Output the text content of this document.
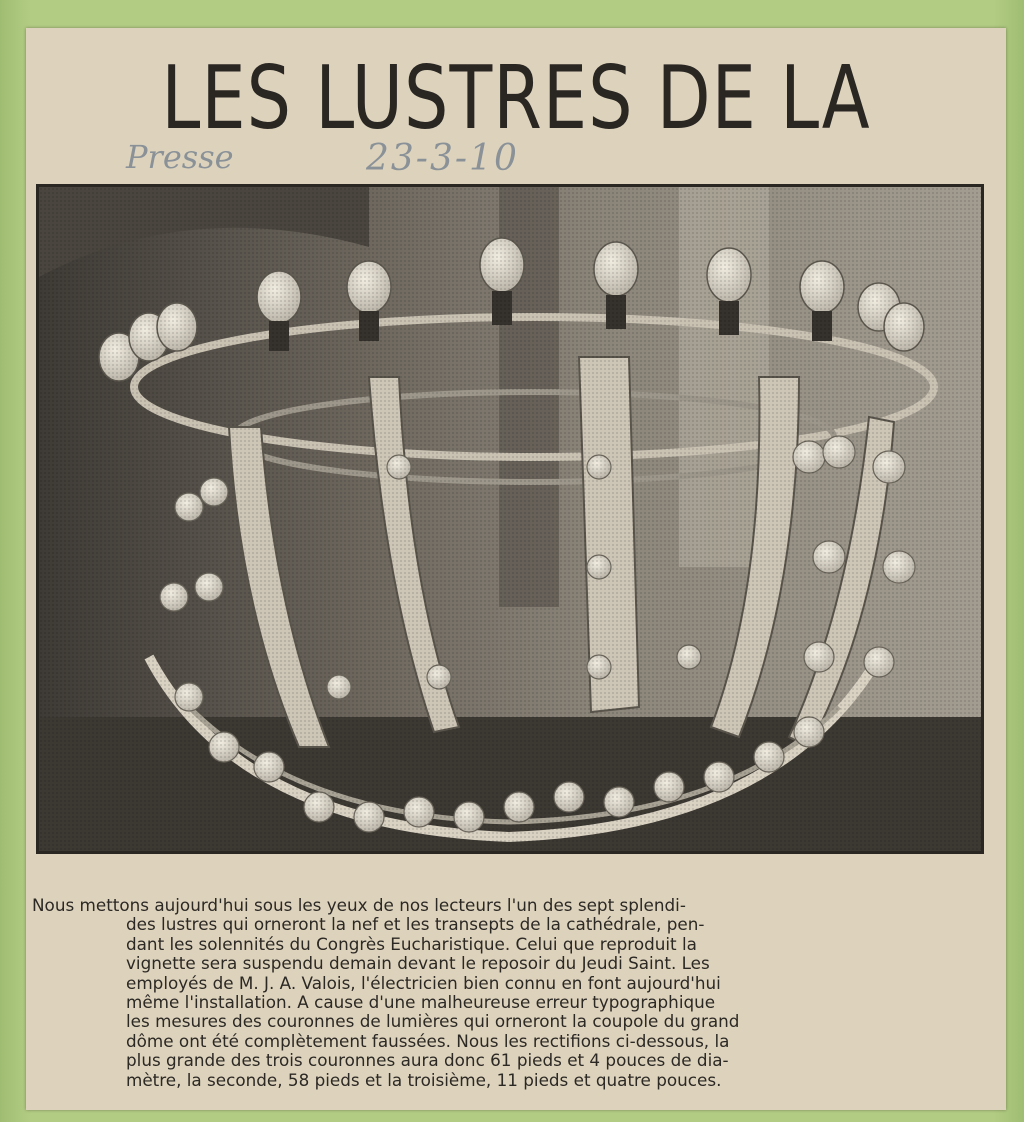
LES LUSTRES DE LA
Presse	23-3-10

Nous mettons aujourd'hui sous les yeux de nos lecteurs l'un des sept splendi-

des lustres qui orneront la nef et les transepts de la cathédrale, pen-

dant les solennités du Congrès Eucharistique. Celui que reproduit la

vignette sera suspendu demain devant le reposoir du Jeudi Saint. Les

employés de M. J. A. Valois, l'électricien bien connu en font aujourd'hui

même l'installation. A cause d'une malheureuse erreur typographique

les mesures des couronnes de lumières qui orneront la coupole du grand

dôme ont été complètement faussées. Nous les rectifions ci-dessous, la

plus grande des trois couronnes aura donc 61 pieds et 4 pouces de dia-

mètre, la seconde, 58 pieds et la troisième, 11 pieds et quatre pouces.
